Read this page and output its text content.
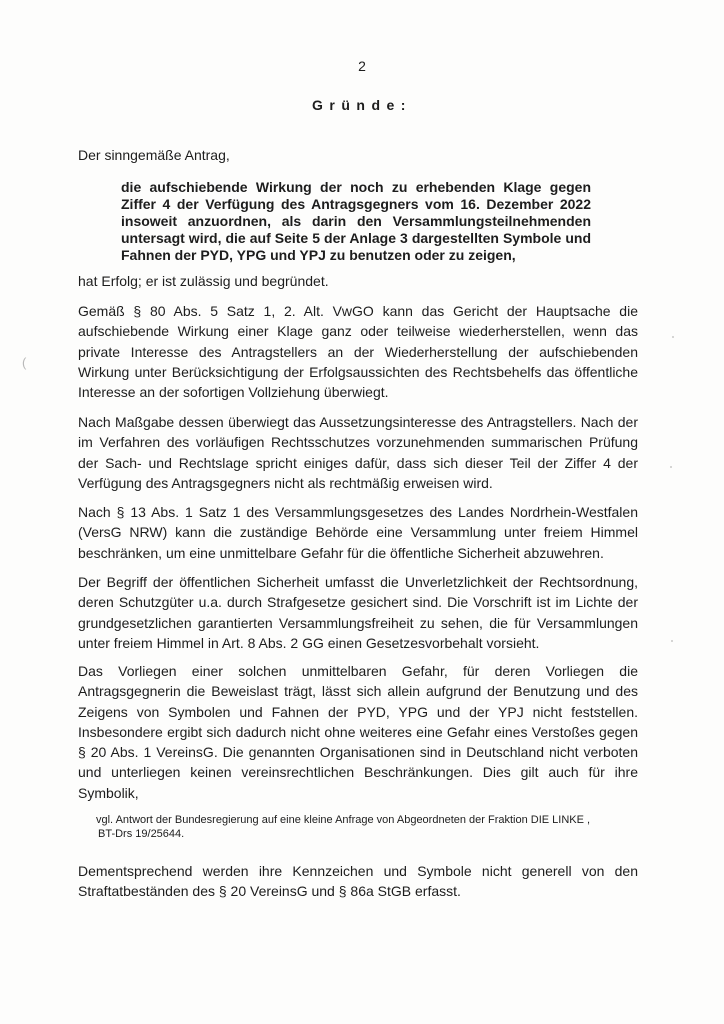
2
Gründe:

Der sinngemäße Antrag,

die aufschiebende Wirkung der noch zu erhebenden Klage gegen Ziffer 4 der Verfügung des Antragsgegners vom 16. Dezember 2022 insoweit anzuordnen, als darin den Versammlungsteilnehmenden untersagt wird, die auf Seite 5 der Anlage 3 dargestellten Symbole und Fahnen der PYD, YPG und YPJ zu benutzen oder zu zeigen,

hat Erfolg; er ist zulässig und begründet.

Gemäß § 80 Abs. 5 Satz 1, 2. Alt. VwGO kann das Gericht der Hauptsache die aufschiebende Wirkung einer Klage ganz oder teilweise wiederherstellen, wenn das private Interesse des Antragstellers an der Wiederherstellung der aufschiebenden Wirkung unter Berücksichtigung der Erfolgsaussichten des Rechtsbehelfs das öffentliche Interesse an der sofortigen Vollziehung überwiegt.

Nach Maßgabe dessen überwiegt das Aussetzungsinteresse des Antragstellers. Nach der im Verfahren des vorläufigen Rechtsschutzes vorzunehmenden summarischen Prüfung der Sach- und Rechtslage spricht einiges dafür, dass sich dieser Teil der Ziffer 4 der Verfügung des Antragsgegners nicht als rechtmäßig erweisen wird.

Nach § 13 Abs. 1 Satz 1 des Versammlungsgesetzes des Landes Nordrhein-Westfalen (VersG NRW) kann die zuständige Behörde eine Versammlung unter freiem Himmel beschränken, um eine unmittelbare Gefahr für die öffentliche Sicherheit abzuwehren.

Der Begriff der öffentlichen Sicherheit umfasst die Unverletzlichkeit der Rechtsordnung, deren Schutzgüter u.a. durch Strafgesetze gesichert sind. Die Vorschrift ist im Lichte der grundgesetzlichen garantierten Versammlungsfreiheit zu sehen, die für Versammlungen unter freiem Himmel in Art. 8 Abs. 2 GG einen Gesetzesvorbehalt vorsieht.

Das Vorliegen einer solchen unmittelbaren Gefahr, für deren Vorliegen die Antragsgegnerin die Beweislast trägt, lässt sich allein aufgrund der Benutzung und des Zeigens von Symbolen und Fahnen der PYD, YPG und der YPJ nicht feststellen. Insbesondere ergibt sich dadurch nicht ohne weiteres eine Gefahr eines Verstoßes gegen § 20 Abs. 1 VereinsG. Die genannten Organisationen sind in Deutschland nicht verboten und unterliegen keinen vereinsrechtlichen Beschränkungen. Dies gilt auch für ihre Symbolik,

vgl. Antwort der Bundesregierung auf eine kleine Anfrage von Abgeordneten der Fraktion DIE LINKE ,
BT-Drs 19/25644.

Dementsprechend werden ihre Kennzeichen und Symbole nicht generell von den Straftatbeständen des § 20 VereinsG und § 86a StGB erfasst.

(
